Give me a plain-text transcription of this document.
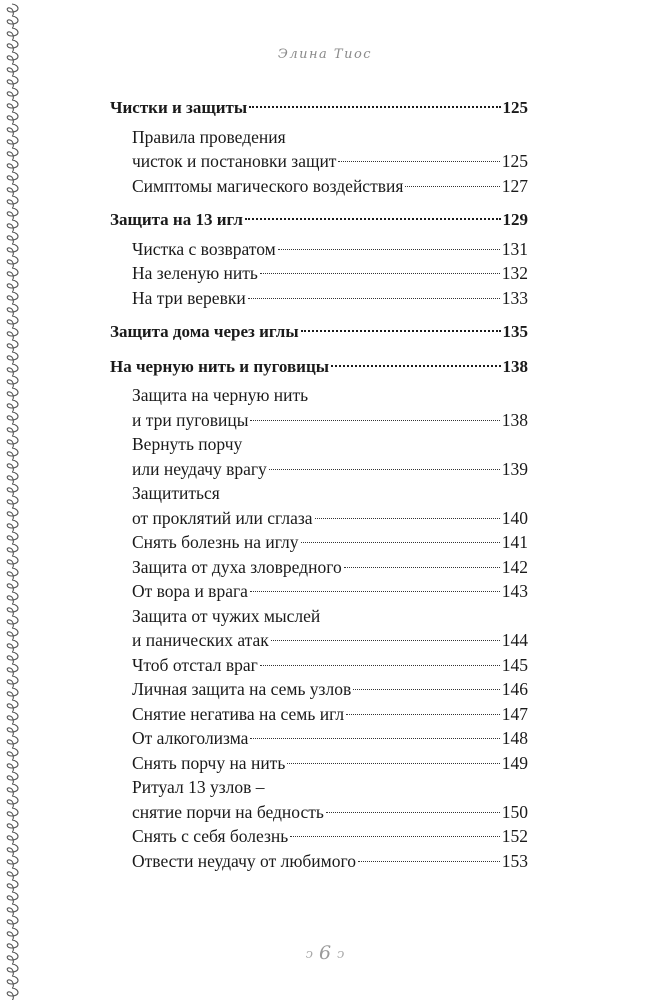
Элина Тиос
Чистки и защиты	125
Правила проведения
чисток и постановки защит	125
Симптомы магического воздействия	127
Защита на 13 игл	129
Чистка с возвратом	131
На зеленую нить	132
На три веревки	133
Защита дома через иглы	135
На черную нить и пуговицы	138
Защита на черную нить
и три пуговицы	138
Вернуть порчу
или неудачу врагу	139
Защититься
от проклятий или сглаза	140
Снять болезнь на иглу	141
Защита от духа зловредного	142
От вора и врага	143
Защита от чужих мыслей
и панических атак	144
Чтоб отстал враг	145
Личная защита на семь узлов	146
Снятие негатива на семь игл	147
От алкоголизма	148
Снять порчу на нить	149
Ритуал 13 узлов –
снятие порчи на бедность	150
Снять с себя болезнь	152
Отвести неудачу от любимого	153
ↄ 6 ↄ
